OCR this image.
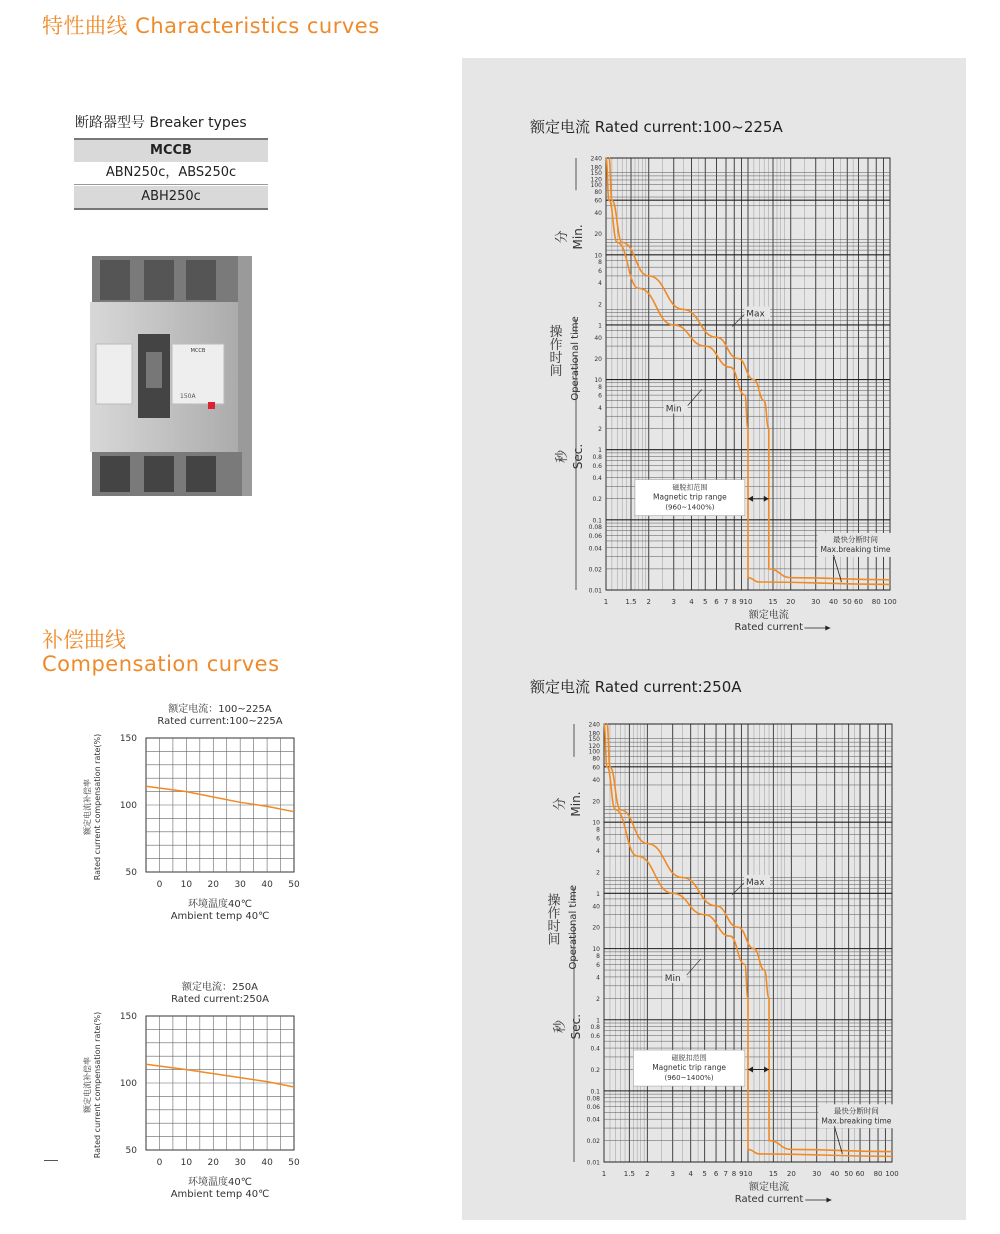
特性曲线 Characteristics curves
断路器型号 Breaker types
MCCB
ABN250c，ABS250c
ABH250c
MCCB
150A
补偿曲线
Compensation curves
额定电流 Rated current:100~225A
240
180
150
120
100
80
60
40
20
10
8
6
4
2
1
40
20
10
8
6
4
2
1
0.8
0.6
0.4
0.2
0.1
0.08
0.06
0.04
0.02
0.01
1 1.5 2	3 4 5 6 7 8 9 10 15 20 30 40 50 60 80 100
分 Min.
操作时间 Operational time
秒 Sec.
Max
Min
磁脱扣范围
Magnetic trip range
(960~1400%)
最快分断时间
Max.breaking time
额定电流
Rated current
额定电流 Rated current:250A
240
180
150
120
100
80
60
40
20
10
8
6
4
2
1
40
20
10
8
6
4
2
1
0.8
0.6
0.4
0.2
0.1
0.08
0.06
0.04
0.02
0.01
1	1.5 2	3 4 5 6 7 8 9 10 15 20 30 40 50 60 80 100
分 Min.
操作时间 Operational time
秒 Sec.
Max
Min
磁脱扣范围
Magnetic trip range
(960~1400%)
最快分断时间
Max.breaking time
额定电流
Rated current
额定电流：100~225A
Rated current:100~225A
50
100
150
0 10 20 30 40 50
环境温度40℃
Ambient temp 40℃
额定电流补偿率 Rated current compensation rate(%)
额定电流：250A
Rated current:250A
50
100
150
0 10 20 30 40 50
环境温度40℃
Ambient temp 40℃
额定电流补偿率 Rated current compensation rate(%)
